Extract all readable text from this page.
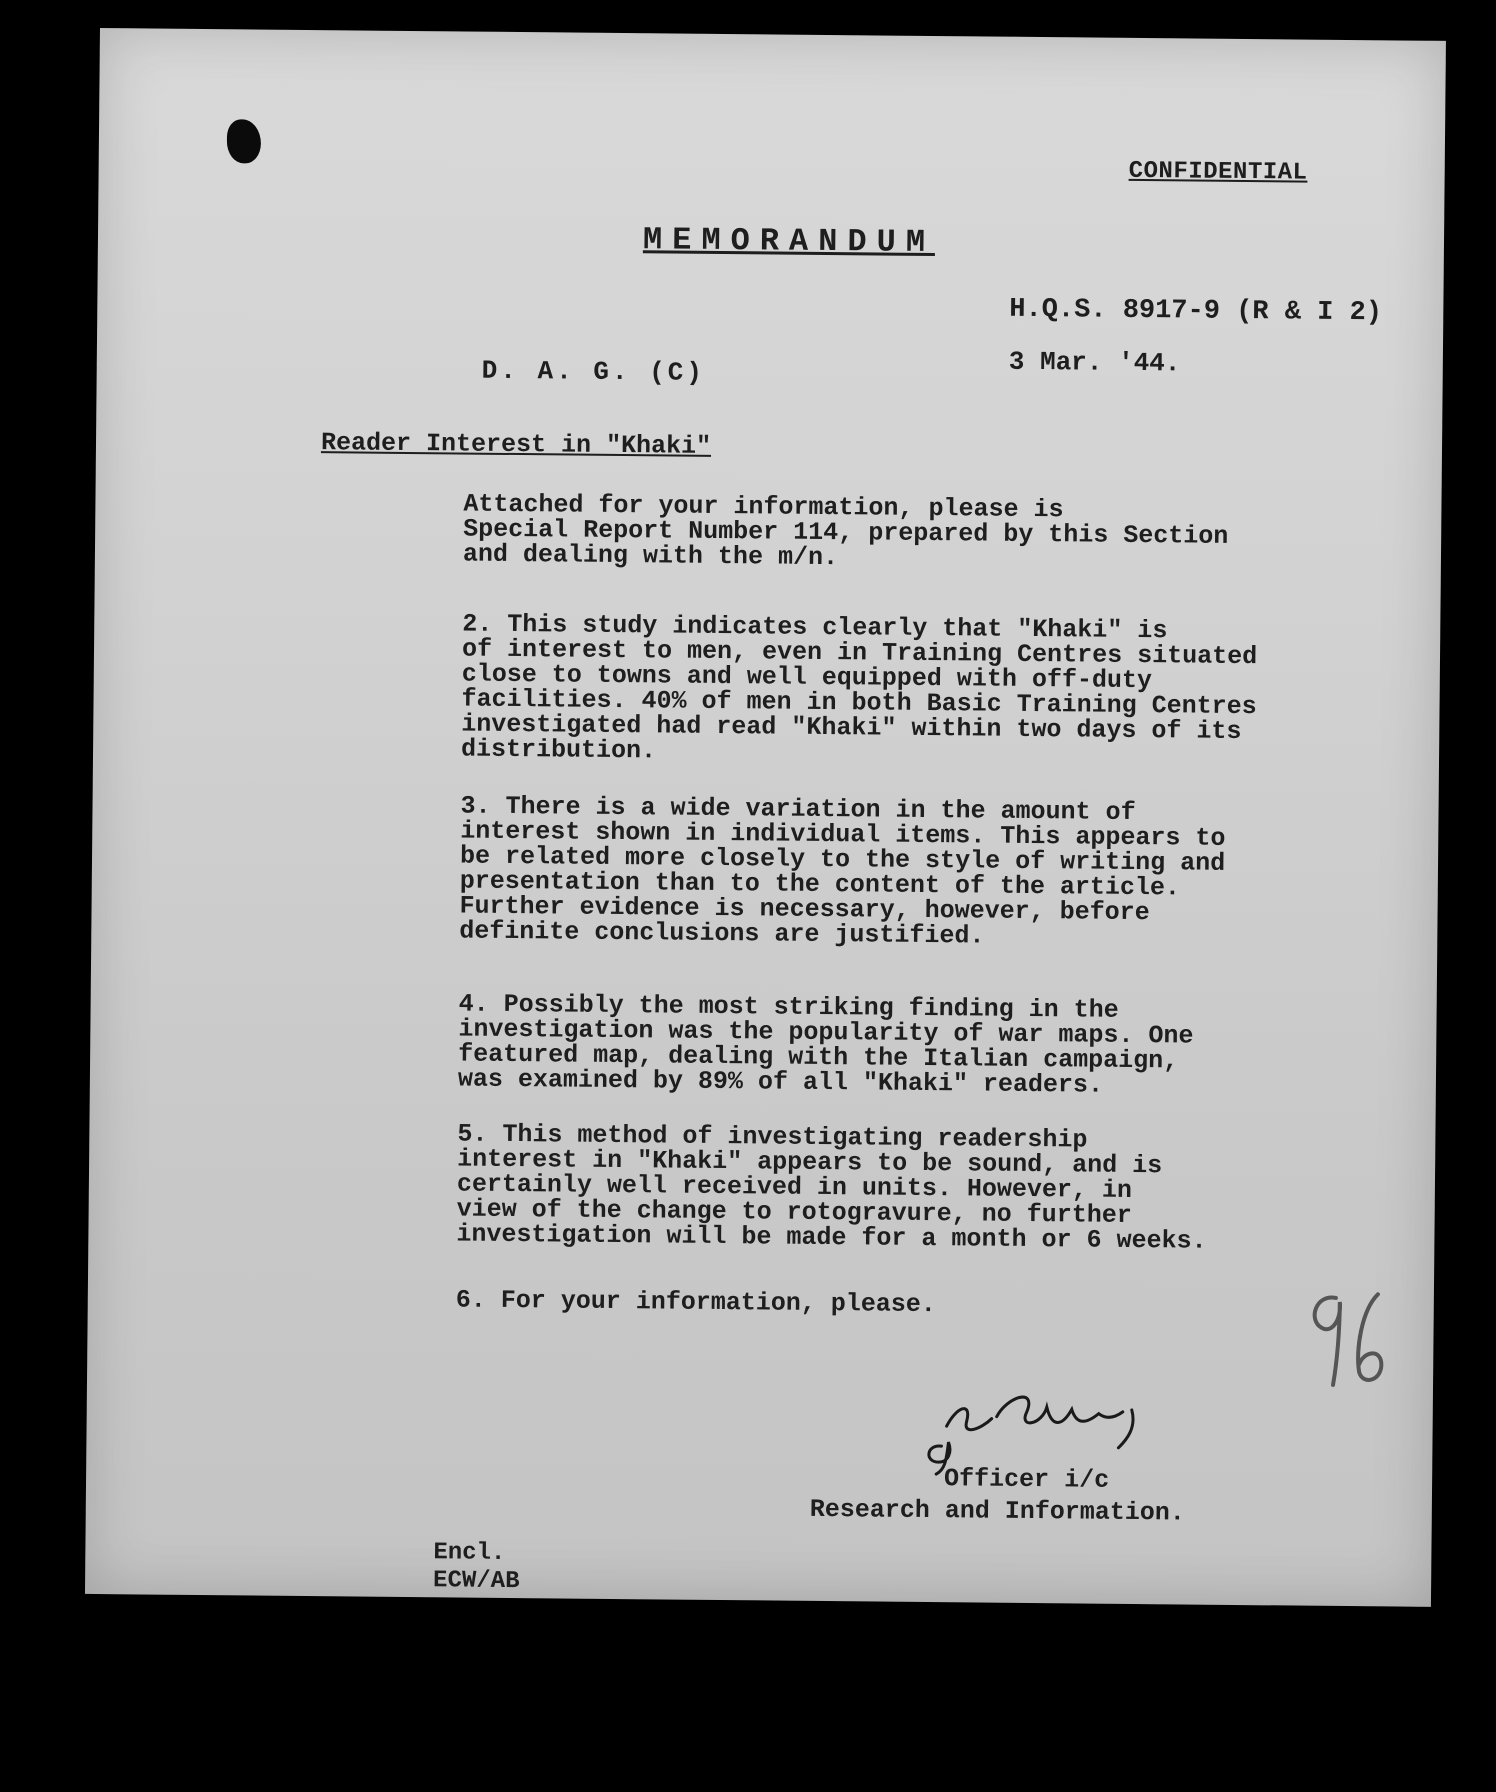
CONFIDENTIAL
MEMORANDUM
H.Q.S. 8917-9 (R & I 2)
3 Mar. '44.
D. A. G. (C)
Reader Interest in "Khaki"
Attached for your information, please is
Special Report Number 114, prepared by this Section
and dealing with the m/n.
2. This study indicates clearly that "Khaki" is
of interest to men, even in Training Centres situated
close to towns and well equipped with off-duty
facilities. 40% of men in both Basic Training Centres
investigated had read "Khaki" within two days of its
distribution.
3. There is a wide variation in the amount of
interest shown in individual items. This appears to
be related more closely to the style of writing and
presentation than to the content of the article.
Further evidence is necessary, however, before
definite conclusions are justified.
4. Possibly the most striking finding in the
investigation was the popularity of war maps. One
featured map, dealing with the Italian campaign,
was examined by 89% of all "Khaki" readers.
5. This method of investigating readership
interest in "Khaki" appears to be sound, and is
certainly well received in units. However, in
view of the change to rotogravure, no further
investigation will be made for a month or 6 weeks.
6. For your information, please.
Officer i/c
Research and Information.
Encl.
ECW/AB
